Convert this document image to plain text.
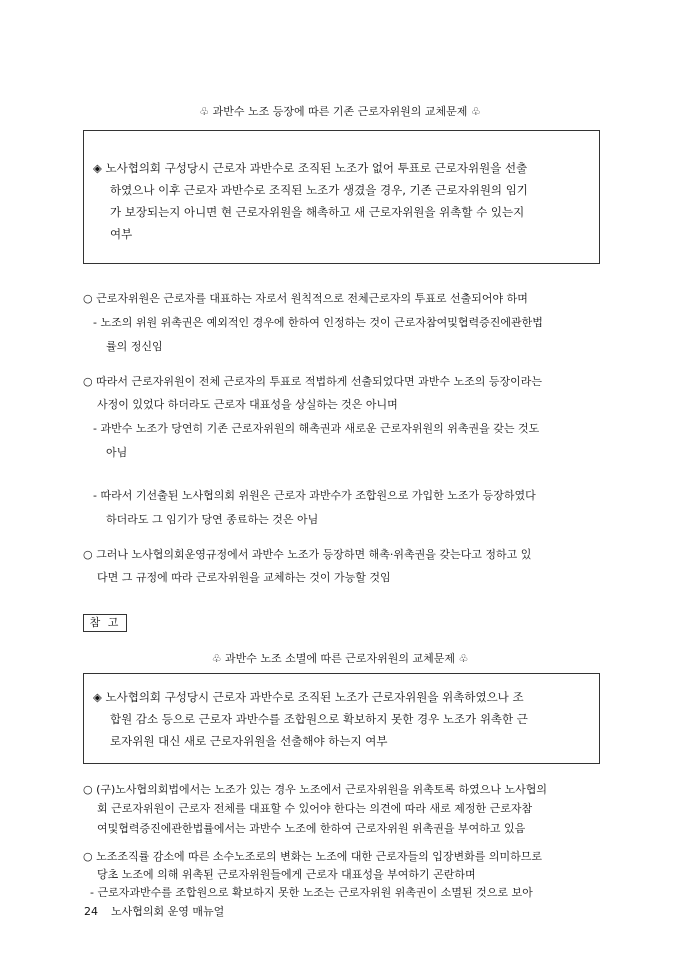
♧ 과반수 노조 등장에 따른 기존 근로자위원의 교체문제 ♧
◈ 노사협의회 구성당시 근로자 과반수로 조직된 노조가 없어 투표로 근로자위원을 선출
하였으나 이후 근로자 과반수로 조직된 노조가 생겼을 경우, 기존 근로자위원의 임기
가 보장되는지 아니면 현 근로자위원을 해촉하고 새 근로자위원을 위촉할 수 있는지
여부
○ 근로자위원은 근로자를 대표하는 자로서 원칙적으로 전체근로자의 투표로 선출되어야 하며
- 노조의 위원 위촉권은 예외적인 경우에 한하여 인정하는 것이 근로자참여및협력증진에관한법
률의 정신임
○ 따라서 근로자위원이 전체 근로자의 투표로 적법하게 선출되었다면 과반수 노조의 등장이라는
사정이 있었다 하더라도 근로자 대표성을 상실하는 것은 아니며
- 과반수 노조가 당연히 기존 근로자위원의 해촉권과 새로운 근로자위원의 위촉권을 갖는 것도
아님
- 따라서 기선출된 노사협의회 위원은 근로자 과반수가 조합원으로 가입한 노조가 등장하였다
하더라도 그 임기가 당연 종료하는 것은 아님
○ 그러나 노사협의회운영규정에서 과반수 노조가 등장하면 해촉·위촉권을 갖는다고 정하고 있
다면 그 규정에 따라 근로자위원을 교체하는 것이 가능할 것임
참 고
♧ 과반수 노조 소멸에 따른 근로자위원의 교체문제 ♧
◈ 노사협의회 구성당시 근로자 과반수로 조직된 노조가 근로자위원을 위촉하였으나 조
합원 감소 등으로 근로자 과반수를 조합원으로 확보하지 못한 경우 노조가 위촉한 근
로자위원 대신 새로 근로자위원을 선출해야 하는지 여부
○ (구)노사협의회법에서는 노조가 있는 경우 노조에서 근로자위원을 위촉토록 하였으나 노사협의
회 근로자위원이 근로자 전체를 대표할 수 있어야 한다는 의견에 따라 새로 제정한 근로자참
여및협력증진에관한법률에서는 과반수 노조에 한하여 근로자위원 위촉권을 부여하고 있음
○ 노조조직률 감소에 따른 소수노조로의 변화는 노조에 대한 근로자들의 입장변화를 의미하므로
당초 노조에 의해 위촉된 근로자위원들에게 근로자 대표성을 부여하기 곤란하며
- 근로자과반수를 조합원으로 확보하지 못한 노조는 근로자위원 위촉권이 소멸된 것으로 보아
24 노사협의회 운영 매뉴얼
